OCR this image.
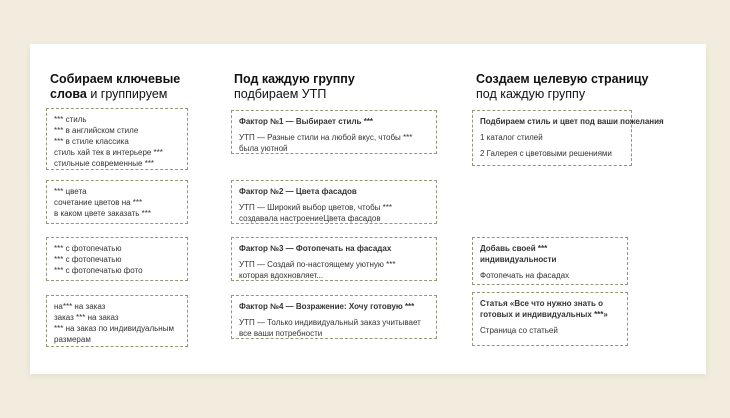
Собираем ключевые
слова и группируем
Под каждую группу
подбираем УТП
Создаем целевую страницу
под каждую группу
*** стиль
*** в английском стиле
*** в стиле классика
стиль хай тек в интерьере ***
стильные современные ***
*** цвета
сочетание цветов на ***
в каком цвете заказать ***
*** с фотопечатью
*** с фотопечатью
*** с фотопечатью фото
на*** на заказ
заказ *** на заказ
*** на заказ по индивидуальным
размерам
Фактор №1 — Выбирает стиль ***
УТП — Разные стили на любой вкус, чтобы ***
была уютной
Фактор №2 — Цвета фасадов
УТП — Широкий выбор цветов, чтобы ***
создавала настроениеЦвета фасадов
Фактор №3 — Фотопечать на фасадах
УТП — Создай по-настоящему уютную ***
которая вдохновляет...
Фактор №4 — Возражение: Хочу готовую ***
УТП — Только индивидуальный заказ учитывает
все ваши потребности
Подбираем стиль и цвет под ваши пожелания
1 каталог стилей
2 Галерея с цветовыми решениями
Добавь своей ***
индивидуальности
Фотопечать на фасадах
Статья «Все что нужно знать о
готовых и индивидуальных ***»
Страница со статьей
